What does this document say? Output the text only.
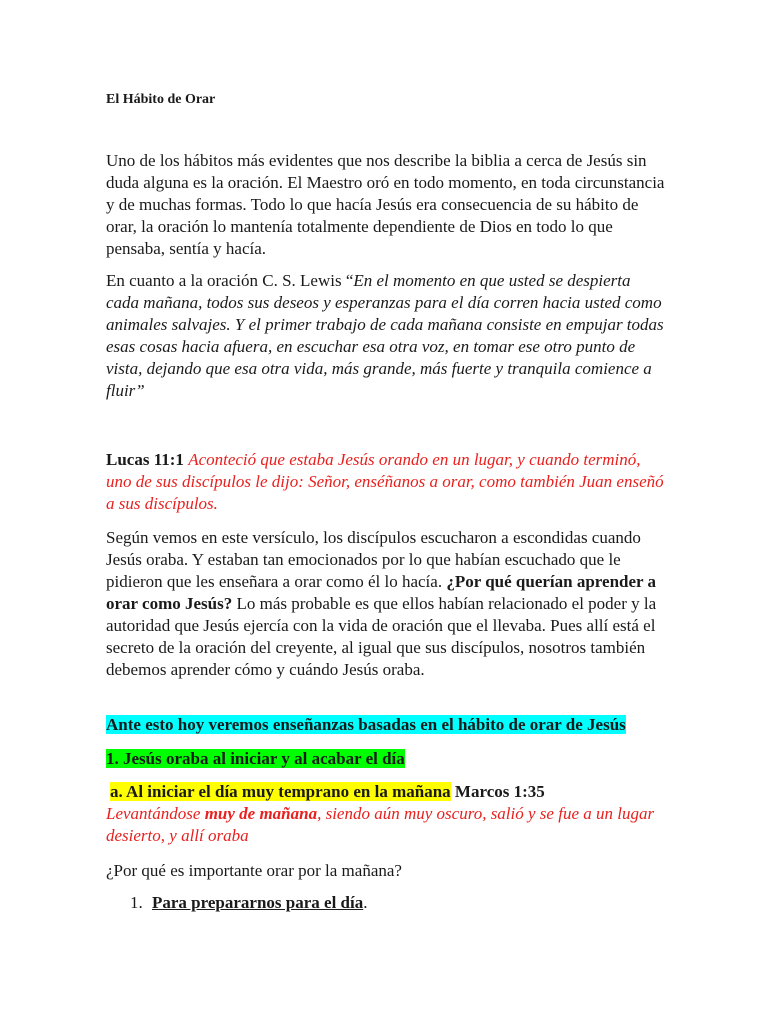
El Hábito de Orar

Uno de los hábitos más evidentes que nos describe la biblia a cerca de Jesús sin duda alguna es la oración. El Maestro oró en todo momento, en toda circunstancia y de muchas formas. Todo lo que hacía Jesús era consecuencia de su hábito de orar, la oración lo mantenía totalmente dependiente de Dios en todo lo que pensaba, sentía y hacía.

En cuanto a la oración C. S. Lewis “En el momento en que usted se despierta cada mañana, todos sus deseos y esperanzas para el día corren hacia usted como animales salvajes. Y el primer trabajo de cada mañana consiste en empujar todas esas cosas hacia afuera, en escuchar esa otra voz, en tomar ese otro punto de vista, dejando que esa otra vida, más grande, más fuerte y tranquila comience a fluir”

Lucas 11:1 Aconteció que estaba Jesús orando en un lugar, y cuando terminó, uno de sus discípulos le dijo: Señor, enséñanos a orar, como también Juan enseñó a sus discípulos.

Según vemos en este versículo, los discípulos escucharon a escondidas cuando Jesús oraba. Y estaban tan emocionados por lo que habían escuchado que le pidieron que les enseñara a orar como él lo hacía. ¿Por qué querían aprender a orar como Jesús? Lo más probable es que ellos habían relacionado el poder y la autoridad que Jesús ejercía con la vida de oración que el llevaba. Pues allí está el secreto de la oración del creyente, al igual que sus discípulos, nosotros también debemos aprender cómo y cuándo Jesús oraba.

Ante esto hoy veremos enseñanzas basadas en el hábito de orar de Jesús

1. Jesús oraba al iniciar y al acabar el día

a. Al iniciar el día muy temprano en la mañana Marcos 1:35

Levantándose muy de mañana, siendo aún muy oscuro, salió y se fue a un lugar desierto, y allí oraba

¿Por qué es importante orar por la mañana?

1. Para prepararnos para el día.
